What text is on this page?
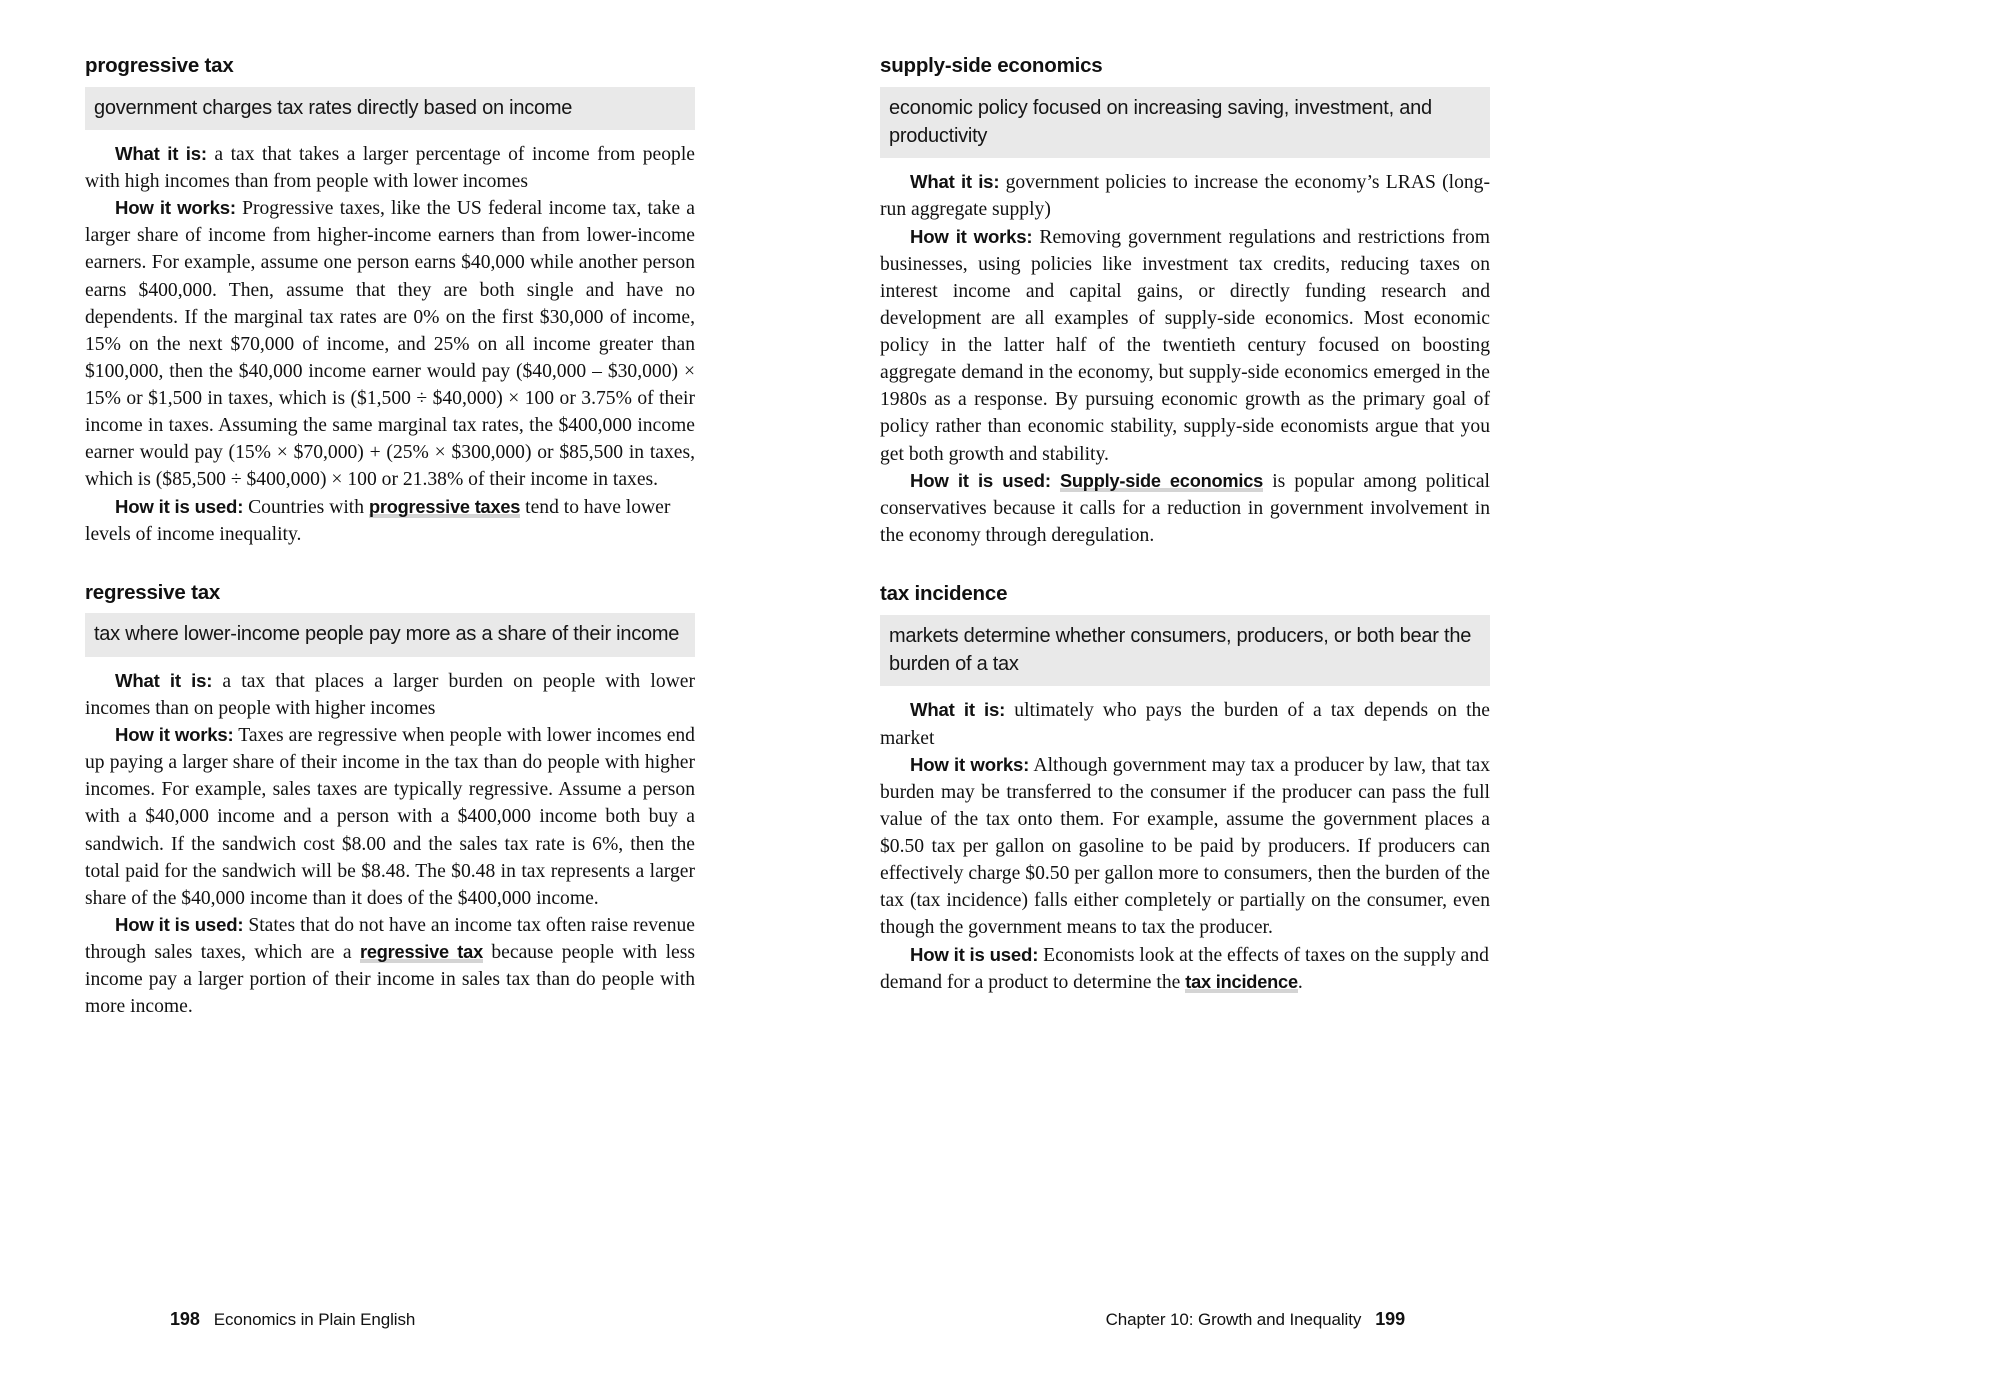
progressive tax
government charges tax rates directly based on income

What it is: a tax that takes a larger percentage of income from people with high incomes than from people with lower incomes

How it works: Progressive taxes, like the US federal income tax, take a larger share of income from higher-income earners than from lower-income earners. For example, assume one person earns $40,000 while another person earns $400,000. Then, assume that they are both single and have no dependents. If the marginal tax rates are 0% on the first $30,000 of income, 15% on the next $70,000 of income, and 25% on all income greater than $100,000, then the $40,000 income earner would pay ($40,000 – $30,000) × 15% or $1,500 in taxes, which is ($1,500 ÷ $40,000) × 100 or 3.75% of their income in taxes. Assuming the same marginal tax rates, the $400,000 income earner would pay (15% × $70,000) + (25% × $300,000) or $85,500 in taxes, which is ($85,500 ÷ $400,000) × 100 or 21.38% of their income in taxes.

How it is used: Countries with progressive taxes tend to have lower levels of income inequality.

regressive tax
tax where lower-income people pay more as a share of their income

What it is: a tax that places a larger burden on people with lower incomes than on people with higher incomes

How it works: Taxes are regressive when people with lower incomes end up paying a larger share of their income in the tax than do people with higher incomes. For example, sales taxes are typically regressive. Assume a person with a $40,000 income and a person with a $400,000 income both buy a sandwich. If the sandwich cost $8.00 and the sales tax rate is 6%, then the total paid for the sandwich will be $8.48. The $0.48 in tax represents a larger share of the $40,000 income than it does of the $400,000 income.

How it is used: States that do not have an income tax often raise revenue through sales taxes, which are a regressive tax because people with less income pay a larger portion of their income in sales tax than do people with more income.

198 Economics in Plain English
supply-side economics
economic policy focused on increasing saving, investment, and productivity

What it is: government policies to increase the economy’s LRAS (long-run aggregate supply)

How it works: Removing government regulations and restrictions from businesses, using policies like investment tax credits, reducing taxes on interest income and capital gains, or directly funding research and development are all examples of supply-side economics. Most economic policy in the latter half of the twentieth century focused on boosting aggregate demand in the economy, but supply-side economics emerged in the 1980s as a response. By pursuing economic growth as the primary goal of policy rather than economic stability, supply-side economists argue that you get both growth and stability.

How it is used: Supply-side economics is popular among political conservatives because it calls for a reduction in government involvement in the economy through deregulation.

tax incidence
markets determine whether consumers, producers, or both bear the burden of a tax

What it is: ultimately who pays the burden of a tax depends on the market

How it works: Although government may tax a producer by law, that tax burden may be transferred to the consumer if the producer can pass the full value of the tax onto them. For example, assume the government places a $0.50 tax per gallon on gasoline to be paid by producers. If producers can effectively charge $0.50 per gallon more to consumers, then the burden of the tax (tax incidence) falls either completely or partially on the consumer, even though the government means to tax the producer.

How it is used: Economists look at the effects of taxes on the supply and demand for a product to determine the tax incidence.

Chapter 10: Growth and Inequality 199
